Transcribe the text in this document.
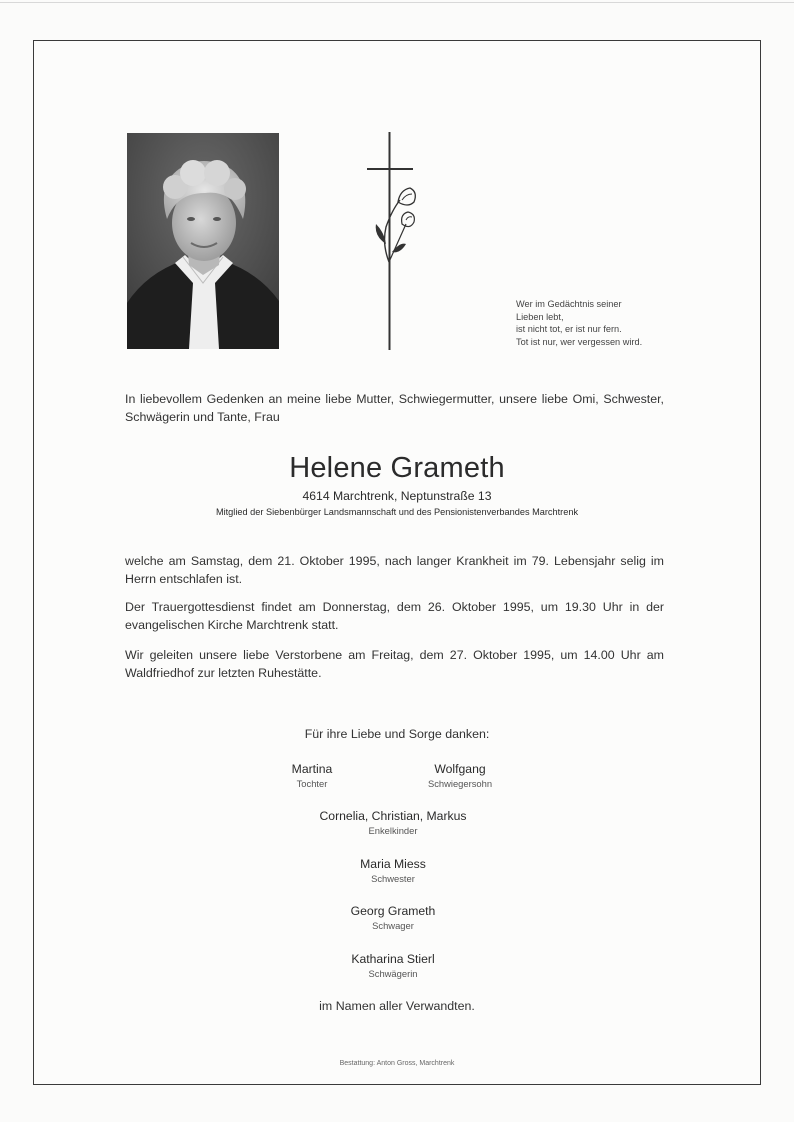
Wer im Gedächtnis seiner
Lieben lebt,
ist nicht tot, er ist nur fern.
Tot ist nur, wer vergessen wird.
In liebevollem Gedenken an meine liebe Mutter, Schwiegermutter, unsere liebe Omi, Schwester, Schwägerin und Tante, Frau
Helene Grameth
4614 Marchtrenk, Neptunstraße 13
Mitglied der Siebenbürger Landsmannschaft und des Pensionistenverbandes Marchtrenk
welche am Samstag, dem 21. Oktober 1995, nach langer Krankheit im 79. Lebensjahr selig im Herrn entschlafen ist.
Der Trauergottesdienst findet am Donnerstag, dem 26. Oktober 1995, um 19.30 Uhr in der evangelischen Kirche Marchtrenk statt.
Wir geleiten unsere liebe Verstorbene am Freitag, dem 27. Oktober 1995, um 14.00 Uhr am Waldfriedhof zur letzten Ruhestätte.
Für ihre Liebe und Sorge danken:
Martina
Tochter
Wolfgang
Schwiegersohn
Cornelia, Christian, Markus
Enkelkinder
Maria Miess
Schwester
Georg Grameth
Schwager
Katharina Stierl
Schwägerin
im Namen aller Verwandten.
Bestattung: Anton Gross, Marchtrenk
